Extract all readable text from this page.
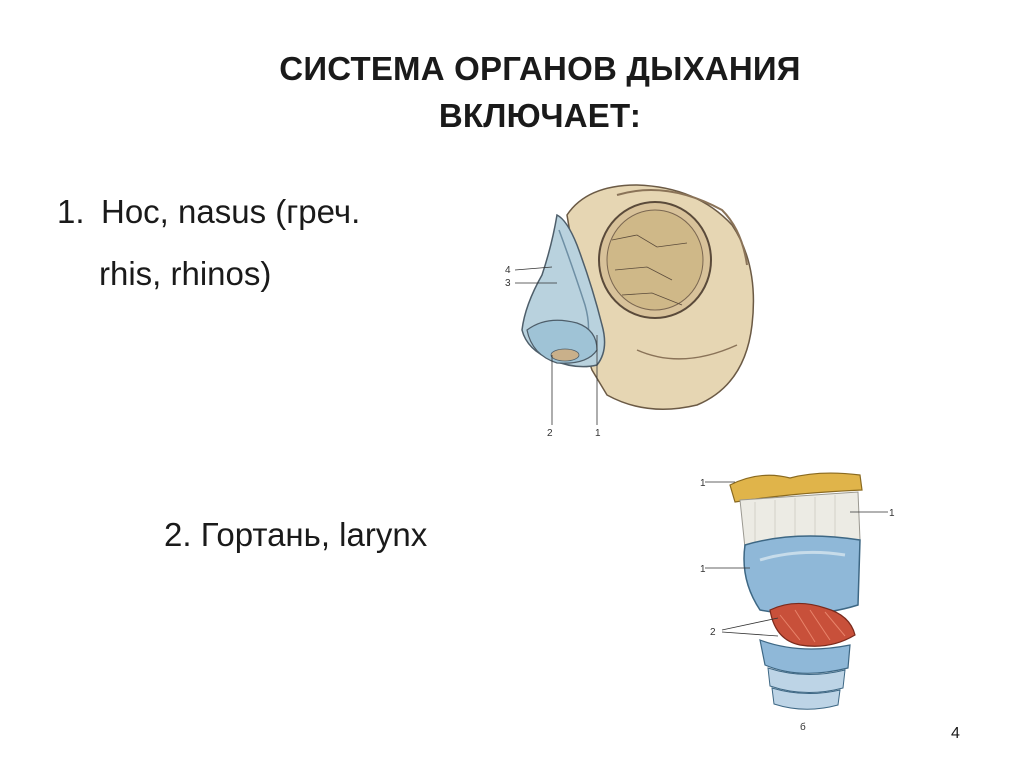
СИСТЕМА ОРГАНОВ ДЫХАНИЯ
ВКЛЮЧАЕТ:
1. Нос, nasus (греч.
rhis, rhinos)
2. Гортань, larynx
4
3
2	1
1
1
1
2
б	4
